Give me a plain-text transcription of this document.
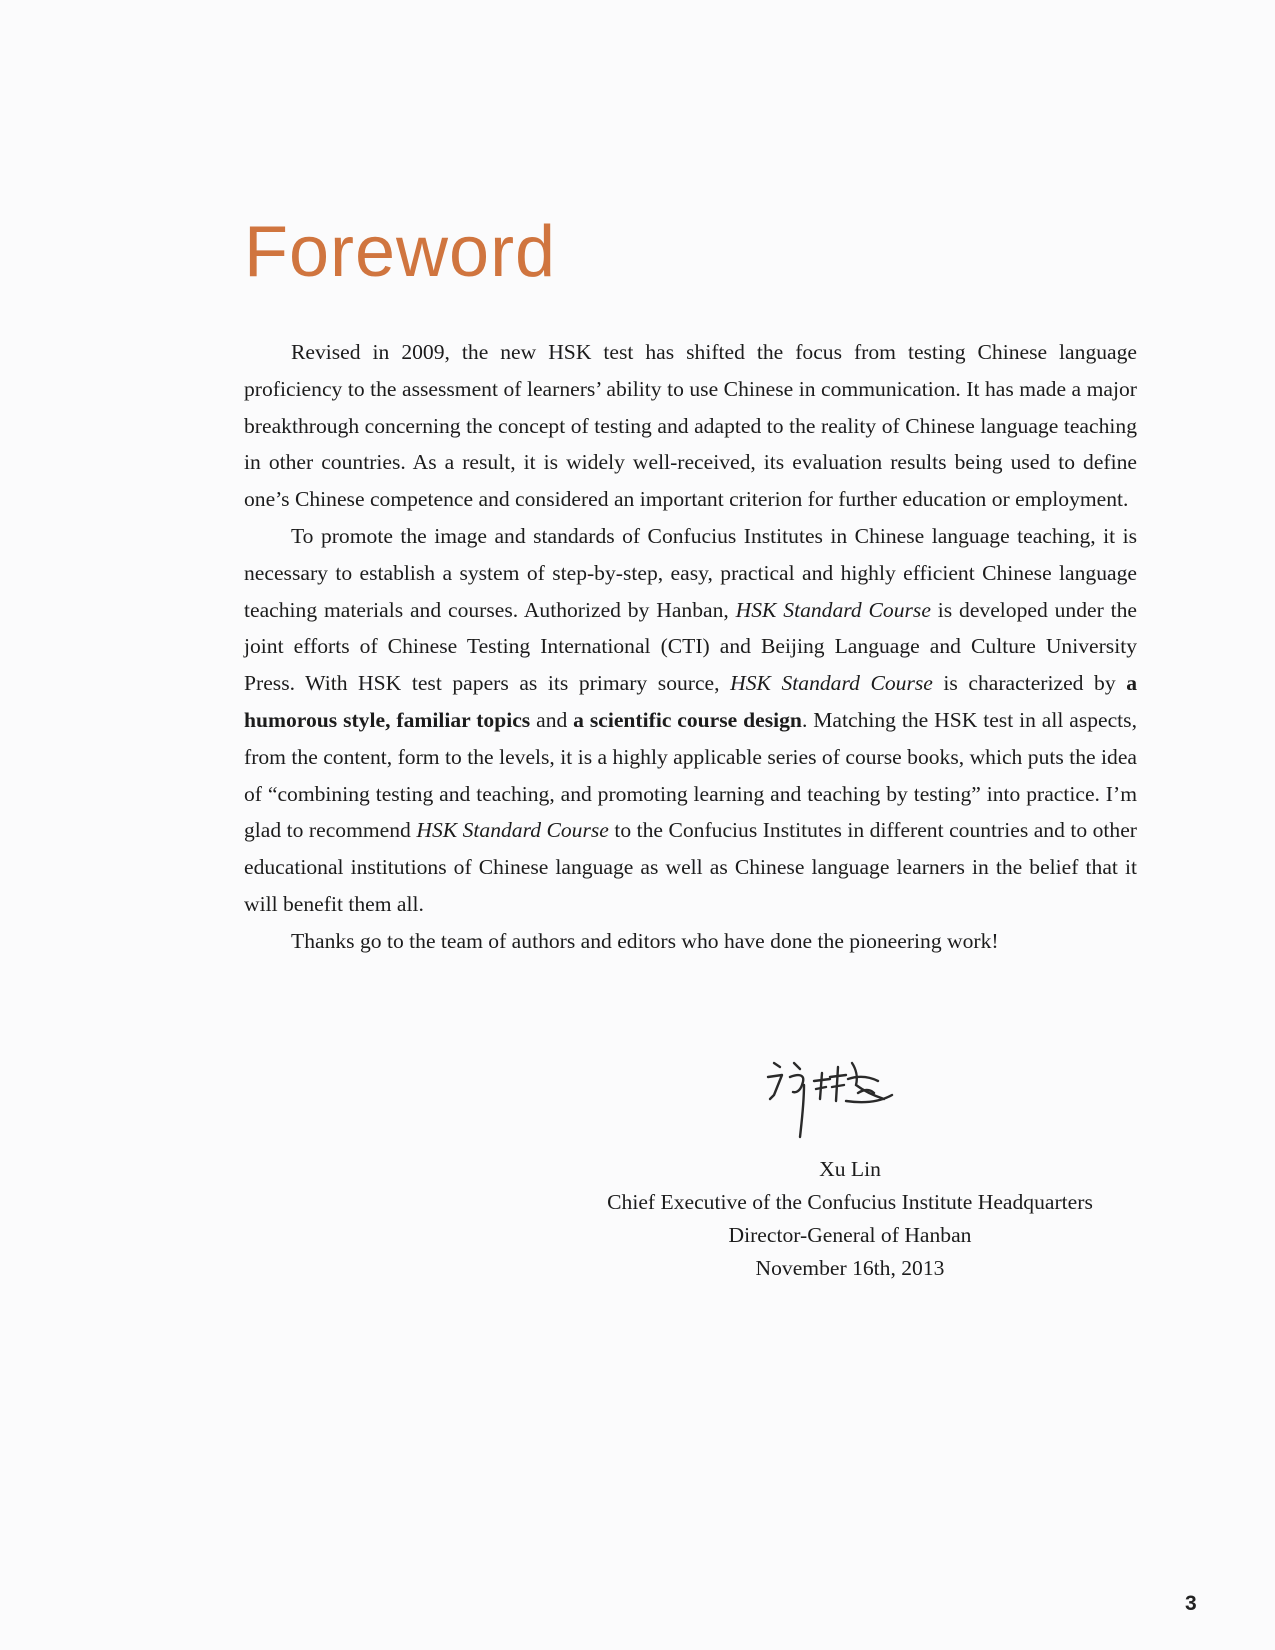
Foreword

Revised in 2009, the new HSK test has shifted the focus from testing Chinese language proficiency to the assessment of learners’ ability to use Chinese in communication. It has made a major breakthrough concerning the concept of testing and adapted to the reality of Chinese language teaching in other countries. As a result, it is widely well-received, its evaluation results being used to define one’s Chinese competence and considered an important criterion for further education or employment.

To promote the image and standards of Confucius Institutes in Chinese language teaching, it is necessary to establish a system of step-by-step, easy, practical and highly efficient Chinese language teaching materials and courses. Authorized by Hanban, HSK Standard Course is developed under the joint efforts of Chinese Testing International (CTI) and Beijing Language and Culture University Press. With HSK test papers as its primary source, HSK Standard Course is characterized by a humorous style, familiar topics and a scientific course design. Matching the HSK test in all aspects, from the content, form to the levels, it is a highly applicable series of course books, which puts the idea of “combining testing and teaching, and promoting learning and teaching by testing” into practice. I’m glad to recommend HSK Standard Course to the Confucius Institutes in different countries and to other educational institutions of Chinese language as well as Chinese language learners in the belief that it will benefit them all.

Thanks go to the team of authors and editors who have done the pioneering work!

Xu Lin
Chief Executive of the Confucius Institute Headquarters
Director-General of Hanban
November 16th, 2013
3
